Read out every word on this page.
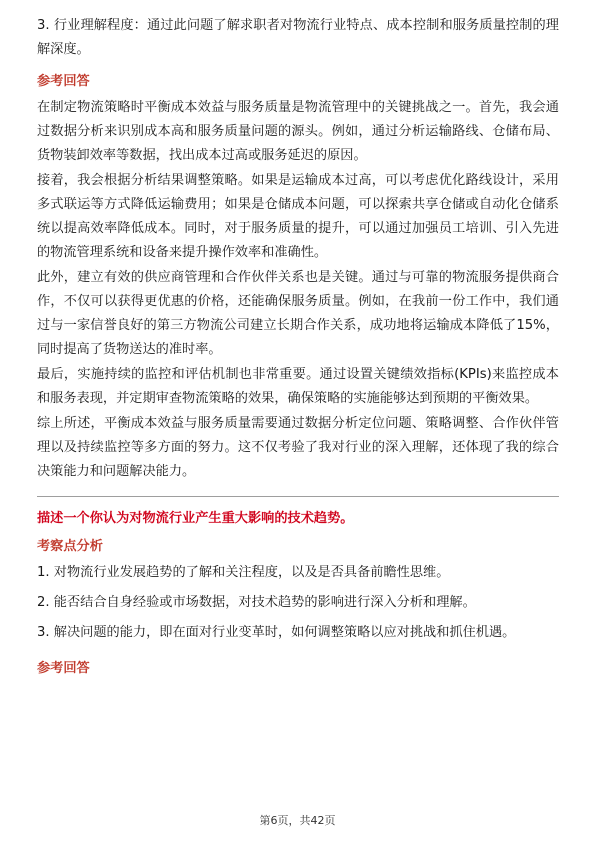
3. 行业理解程度：通过此问题了解求职者对物流行业特点、成本控制和服务质量控制的理解深度。

参考回答

在制定物流策略时平衡成本效益与服务质量是物流管理中的关键挑战之一。首先，我会通过数据分析来识别成本高和服务质量问题的源头。例如，通过分析运输路线、仓储布局、货物装卸效率等数据，找出成本过高或服务延迟的原因。

接着，我会根据分析结果调整策略。如果是运输成本过高，可以考虑优化路线设计，采用多式联运等方式降低运输费用；如果是仓储成本问题，可以探索共享仓储或自动化仓储系统以提高效率降低成本。同时，对于服务质量的提升，可以通过加强员工培训、引入先进的物流管理系统和设备来提升操作效率和准确性。

此外，建立有效的供应商管理和合作伙伴关系也是关键。通过与可靠的物流服务提供商合作，不仅可以获得更优惠的价格，还能确保服务质量。例如，在我前一份工作中，我们通过与一家信誉良好的第三方物流公司建立长期合作关系，成功地将运输成本降低了15%，同时提高了货物送达的准时率。

最后，实施持续的监控和评估机制也非常重要。通过设置关键绩效指标(KPIs)来监控成本和服务表现，并定期审查物流策略的效果，确保策略的实施能够达到预期的平衡效果。

综上所述，平衡成本效益与服务质量需要通过数据分析定位问题、策略调整、合作伙伴管理以及持续监控等多方面的努力。这不仅考验了我对行业的深入理解，还体现了我的综合决策能力和问题解决能力。

描述一个你认为对物流行业产生重大影响的技术趋势。
考察点分析

1. 对物流行业发展趋势的了解和关注程度，以及是否具备前瞻性思维。

2. 能否结合自身经验或市场数据，对技术趋势的影响进行深入分析和理解。

3. 解决问题的能力，即在面对行业变革时，如何调整策略以应对挑战和抓住机遇。

参考回答
第6页，共42页
